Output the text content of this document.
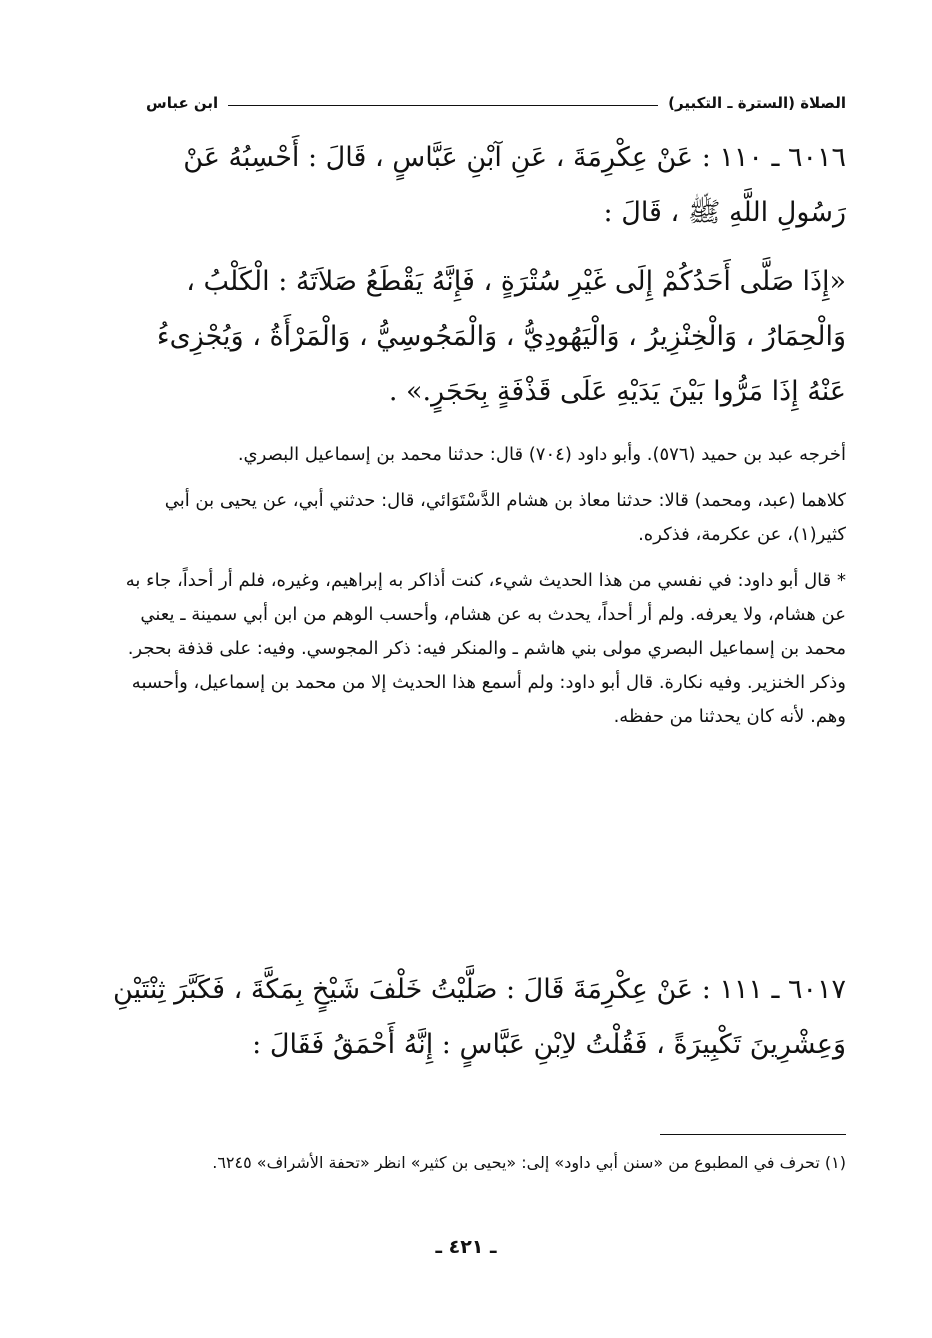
الصلاة (السترة ـ التكبير)
ابن عباس

٦٠١٦ ـ ١١٠ : عَنْ عِكْرِمَةَ ، عَنِ آبْنِ عَبَّاسٍ ، قَالَ : أَحْسِبُهُ عَنْ رَسُولِ اللَّهِ ﷺ ، قَالَ :

«إِذَا صَلَّى أَحَدُكُمْ إِلَى غَيْرِ سُتْرَةٍ ، فَإِنَّهُ يَقْطَعُ صَلاَتَهُ : الْكَلْبُ ، وَالْحِمَارُ ، وَالْخِنْزِيرُ ، وَالْيَهُودِيُّ ، وَالْمَجُوسِيُّ ، وَالْمَرْأَةُ ، وَيُجْزِىءُ عَنْهُ إِذَا مَرُّوا بَيْنَ يَدَيْهِ عَلَى قَذْفَةٍ بِحَجَرٍ.» .

أخرجه عبد بن حميد (٥٧٦). وأبو داود (٧٠٤) قال: حدثنا محمد بن إسماعيل البصري.

كلاهما (عبد، ومحمد) قالا: حدثنا معاذ بن هشام الدَّسْتَوَائي، قال: حدثني أبي، عن يحيى بن أبي كثير(١)، عن عكرمة، فذكره.

* قال أبو داود: في نفسي من هذا الحديث شيء، كنت أذاكر به إبراهيم، وغيره، فلم أر أحداً، جاء به عن هشام، ولا يعرفه. ولم أر أحداً، يحدث به عن هشام، وأحسب الوهم من ابن أبي سمينة ـ يعني محمد بن إسماعيل البصري مولى بني هاشم ـ والمنكر فيه: ذكر المجوسي. وفيه: على قذفة بحجر. وذكر الخنزير. وفيه نكارة. قال أبو داود: ولم أسمع هذا الحديث إلا من محمد بن إسماعيل، وأحسبه وهم. لأنه كان يحدثنا من حفظه.

٦٠١٧ ـ ١١١ : عَنْ عِكْرِمَةَ قَالَ : صَلَّيْتُ خَلْفَ شَيْخٍ بِمَكَّةَ ، فَكَبَّرَ ثِنْتَيْنِ وَعِشْرِينَ تَكْبِيرَةً ، فَقُلْتُ لاِبْنِ عَبَّاسٍ : إِنَّهُ أَحْمَقُ فَقَالَ :

(١) تحرف في المطبوع من «سنن أبي داود» إلى: «يحيى بن كثير» انظر «تحفة الأشراف» ٦٢٤٥.

ـ ٤٢١ ـ
